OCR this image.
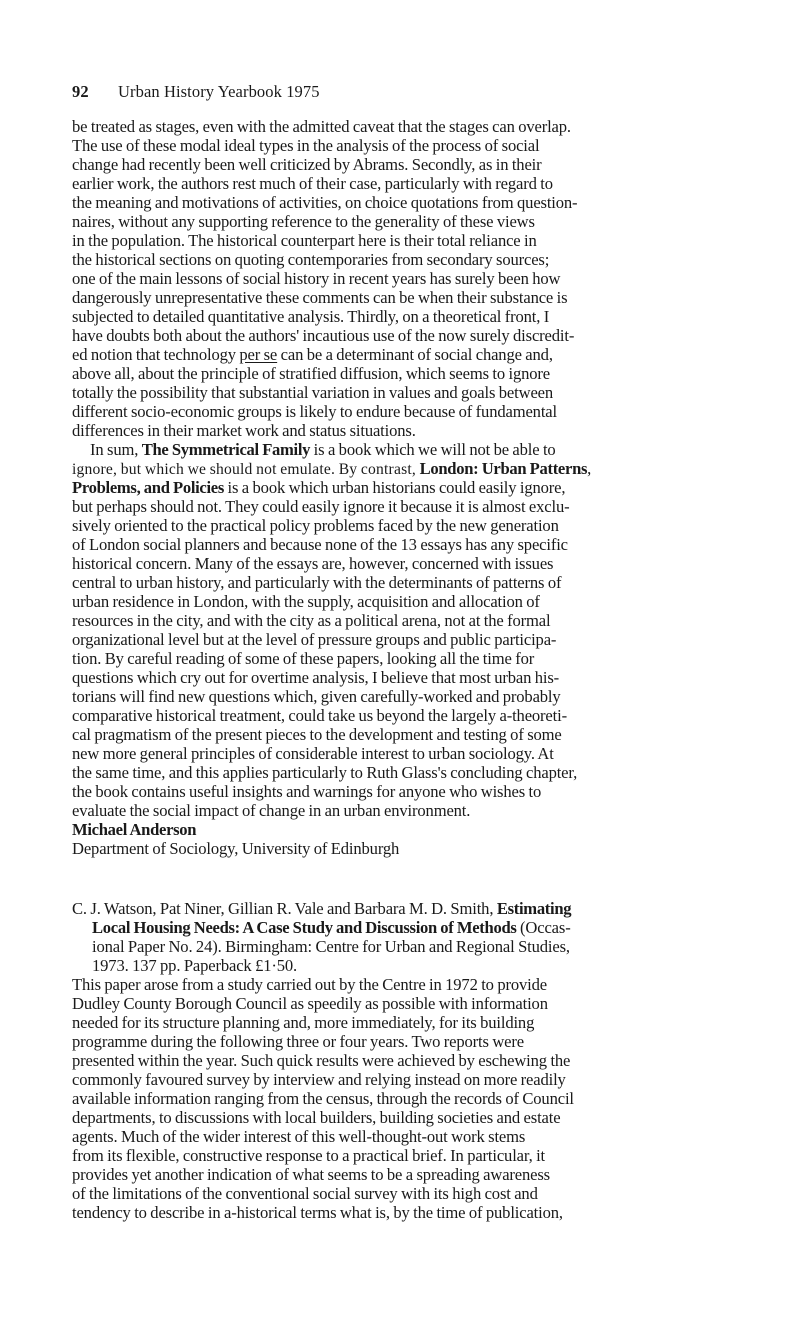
92 Urban History Yearbook 1975
be treated as stages, even with the admitted caveat that the stages can overlap.
The use of these modal ideal types in the analysis of the process of social
change had recently been well criticized by Abrams. Secondly, as in their
earlier work, the authors rest much of their case, particularly with regard to
the meaning and motivations of activities, on choice quotations from question-
naires, without any supporting reference to the generality of these views
in the population. The historical counterpart here is their total reliance in
the historical sections on quoting contemporaries from secondary sources;
one of the main lessons of social history in recent years has surely been how
dangerously unrepresentative these comments can be when their substance is
subjected to detailed quantitative analysis. Thirdly, on a theoretical front, I
have doubts both about the authors' incautious use of the now surely discredit-
ed notion that technology per se can be a determinant of social change and,
above all, about the principle of stratified diffusion, which seems to ignore
totally the possibility that substantial variation in values and goals between
different socio-economic groups is likely to endure because of fundamental
differences in their market work and status situations.
In sum, The Symmetrical Family is a book which we will not be able to
ignore, but which we should not emulate. By contrast, London: Urban Patterns,
Problems, and Policies is a book which urban historians could easily ignore,
but perhaps should not. They could easily ignore it because it is almost exclu-
sively oriented to the practical policy problems faced by the new generation
of London social planners and because none of the 13 essays has any specific
historical concern. Many of the essays are, however, concerned with issues
central to urban history, and particularly with the determinants of patterns of
urban residence in London, with the supply, acquisition and allocation of
resources in the city, and with the city as a political arena, not at the formal
organizational level but at the level of pressure groups and public participa-
tion. By careful reading of some of these papers, looking all the time for
questions which cry out for overtime analysis, I believe that most urban his-
torians will find new questions which, given carefully-worked and probably
comparative historical treatment, could take us beyond the largely a-theoreti-
cal pragmatism of the present pieces to the development and testing of some
new more general principles of considerable interest to urban sociology. At
the same time, and this applies particularly to Ruth Glass's concluding chapter,
the book contains useful insights and warnings for anyone who wishes to
evaluate the social impact of change in an urban environment.
Michael Anderson
Department of Sociology, University of Edinburgh
C. J. Watson, Pat Niner, Gillian R. Vale and Barbara M. D. Smith, Estimating
Local Housing Needs: A Case Study and Discussion of Methods (Occas-
ional Paper No. 24). Birmingham: Centre for Urban and Regional Studies,
1973. 137 pp. Paperback £1·50.
This paper arose from a study carried out by the Centre in 1972 to provide
Dudley County Borough Council as speedily as possible with information
needed for its structure planning and, more immediately, for its building
programme during the following three or four years. Two reports were
presented within the year. Such quick results were achieved by eschewing the
commonly favoured survey by interview and relying instead on more readily
available information ranging from the census, through the records of Council
departments, to discussions with local builders, building societies and estate
agents. Much of the wider interest of this well-thought-out work stems
from its flexible, constructive response to a practical brief. In particular, it
provides yet another indication of what seems to be a spreading awareness
of the limitations of the conventional social survey with its high cost and
tendency to describe in a-historical terms what is, by the time of publication,
